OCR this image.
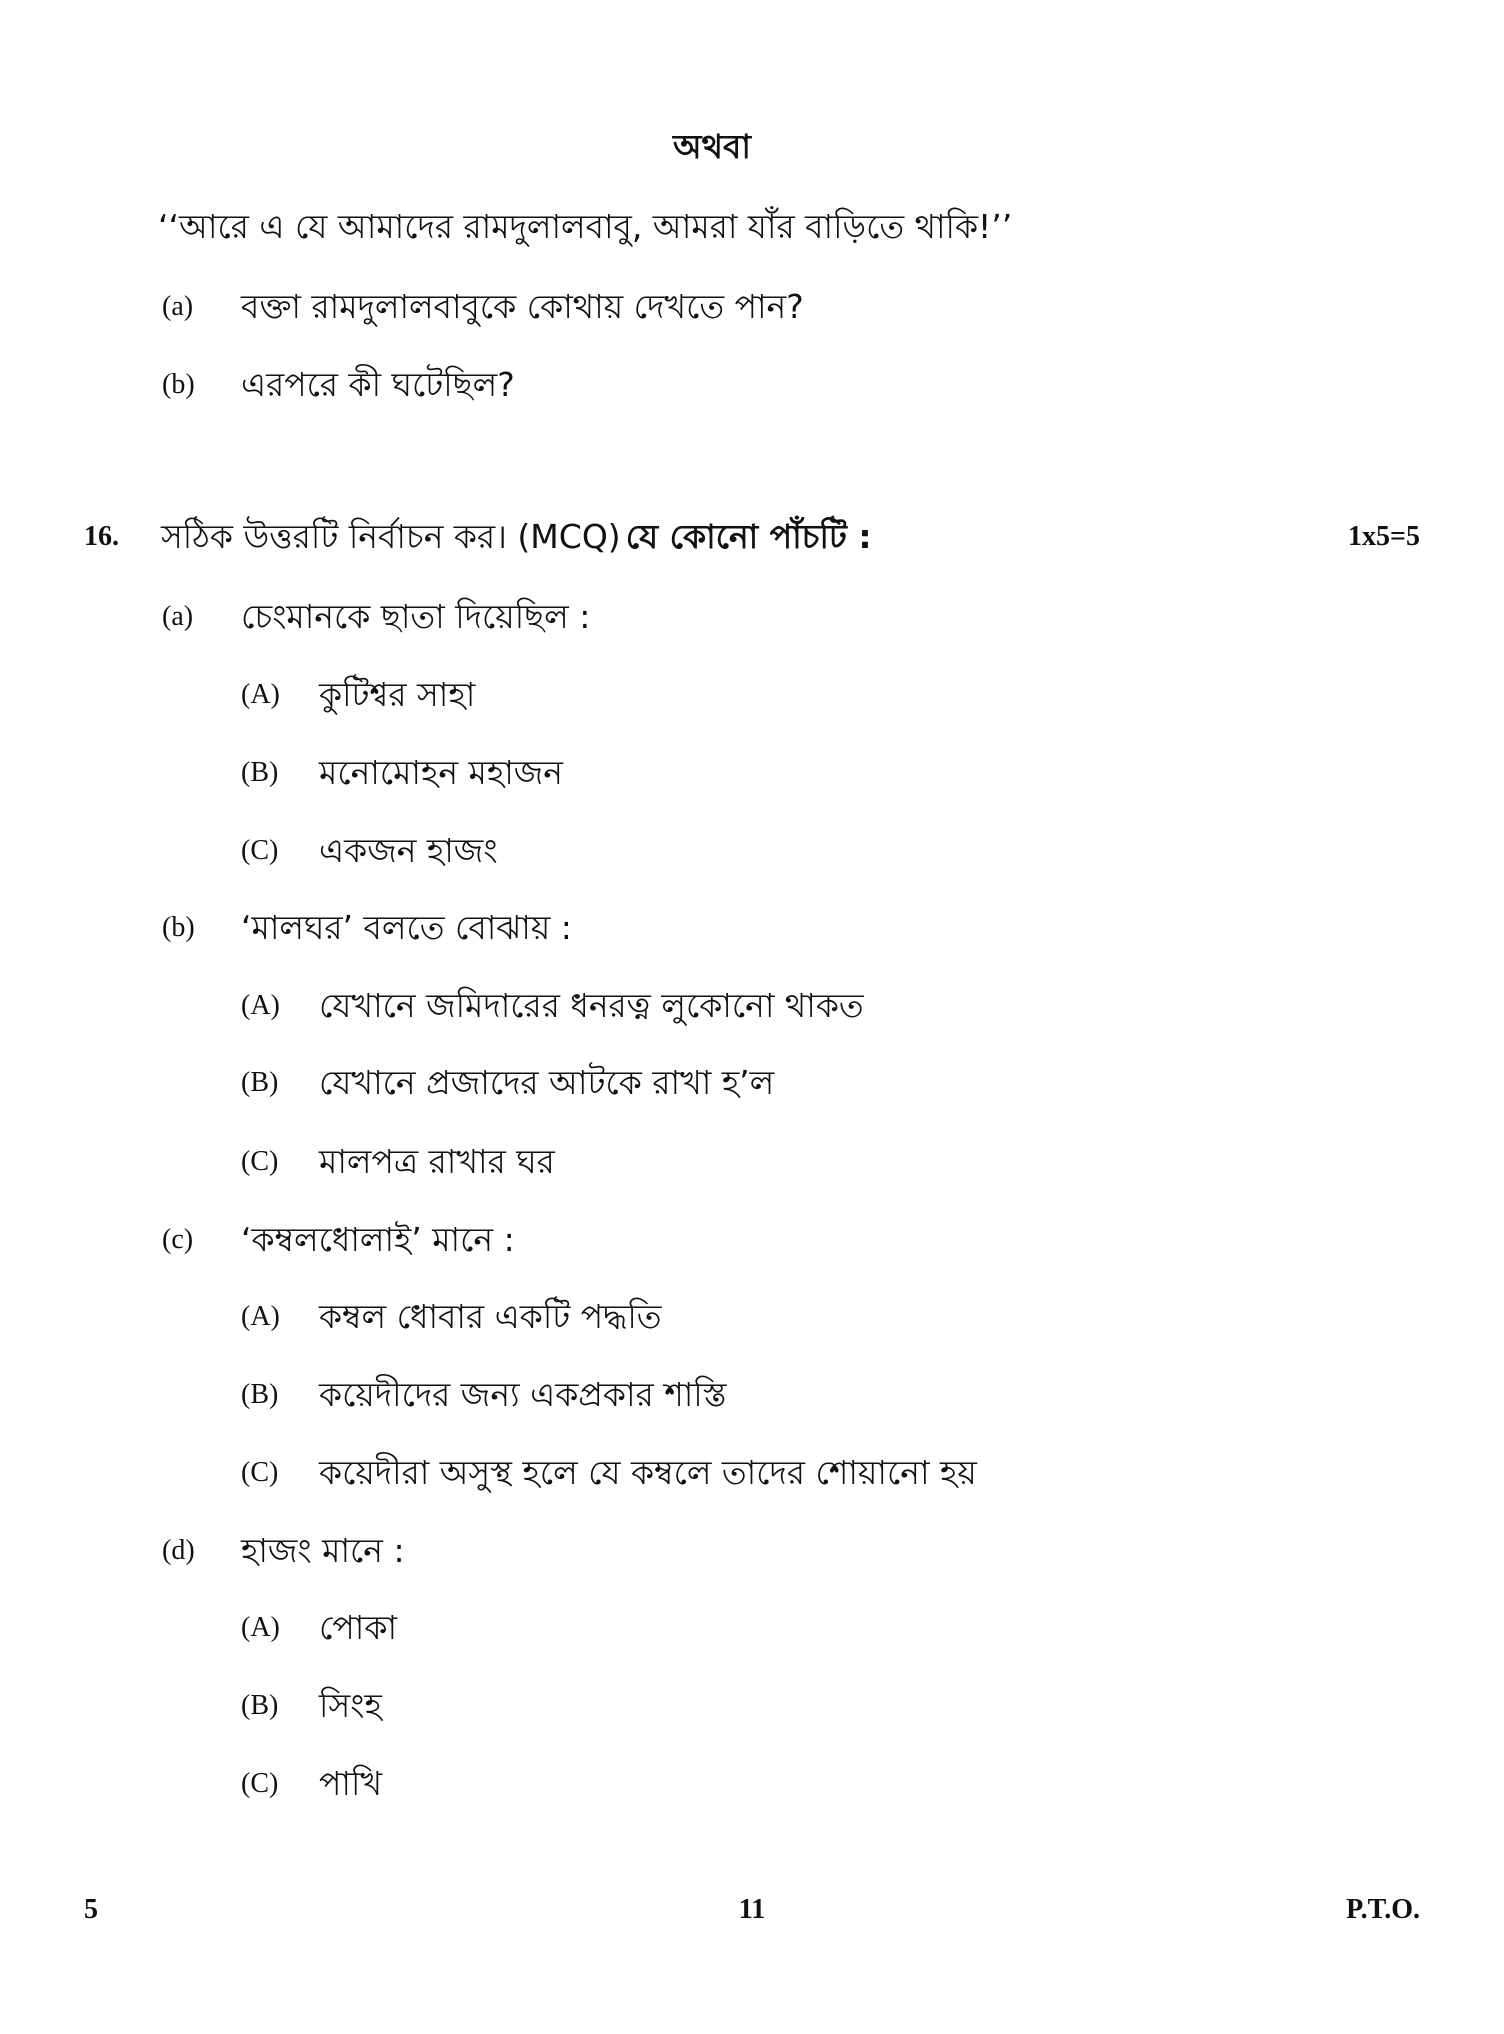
অথবা
‘‘আরে এ যে আমাদের রামদুলালবাবু, আমরা যাঁর বাড়িতে থাকি!’’
(a) বক্তা রামদুলালবাবুকে কোথায় দেখতে পান?
(b) এরপরে কী ঘটেছিল?
16. সঠিক উত্তরটি নির্বাচন কর। (MCQ) যে কোনো পাঁচটি :	1x5=5
(a) চেংমানকে ছাতা দিয়েছিল :
(A) কুটিশ্বর সাহা
(B) মনোমোহন মহাজন
(C) একজন হাজং
(b) ‘মালঘর’ বলতে বোঝায় :
(A) যেখানে জমিদারের ধনরত্ন লুকোনো থাকত
(B) যেখানে প্রজাদের আটকে রাখা হ’ল
(C) মালপত্র রাখার ঘর
(c) ‘কম্বলধোলাই’ মানে :
(A) কম্বল ধোবার একটি পদ্ধতি
(B) কয়েদীদের জন্য একপ্রকার শাস্তি
(C) কয়েদীরা অসুস্থ হলে যে কম্বলে তাদের শোয়ানো হয়
(d) হাজং মানে :
(A) পোকা
(B) সিংহ
(C) পাখি
5	11	P.T.O.
